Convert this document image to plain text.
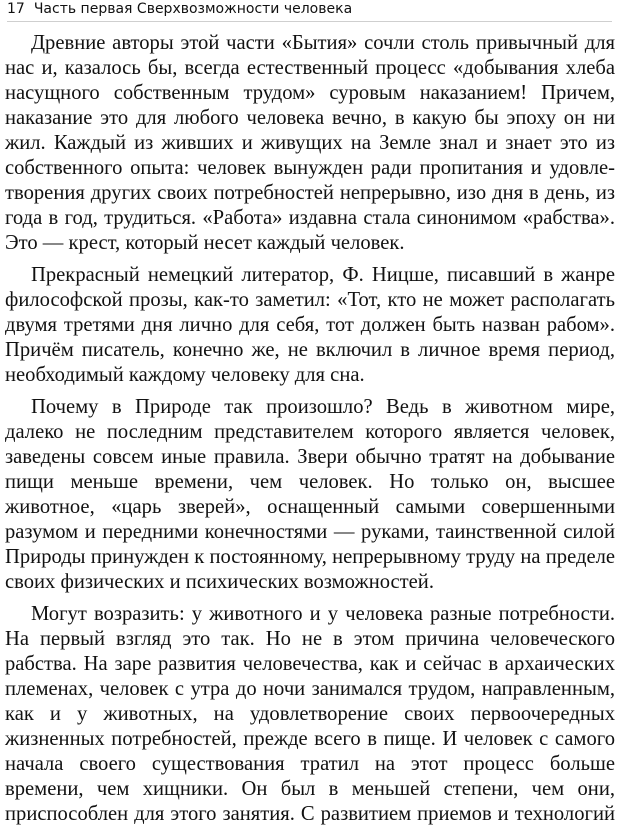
17 Часть первая Сверхвозможности человека
Древние авторы этой части «Бытия» сочли столь привычный для
нас и, казалось бы, всегда естественный процесс «добывания хлеба
насущного собственным трудом» суровым наказанием! Причем,
наказание это для любого человека вечно, в какую бы эпоху он ни
жил. Каждый из живших и живущих на Земле знал и знает это из
собственного опыта: человек вынужден ради пропитания и удовле-
творения других своих потребностей непрерывно, изо дня в день, из
года в год, трудиться. «Работа» издавна стала синонимом «рабства».
Это — крест, который несет каждый человек.
Прекрасный немецкий литератор, Ф. Ницше, писавший в жанре
философской прозы, как-то заметил: «Тот, кто не может располагать
двумя третями дня лично для себя, тот должен быть назван рабом».
Причём писатель, конечно же, не включил в личное время период,
необходимый каждому человеку для сна.
Почему в Природе так произошло? Ведь в животном мире,
далеко не последним представителем которого является человек,
заведены совсем иные правила. Звери обычно тратят на добывание
пищи меньше времени, чем человек. Но только он, высшее
животное, «царь зверей», оснащенный самыми совершенными
разумом и передними конечностями — руками, таинственной силой
Природы принужден к постоянному, непрерывному труду на пределе
своих физических и психических возможностей.
Могут возразить: у животного и у человека разные потребности.
На первый взгляд это так. Но не в этом причина человеческого
рабства. На заре развития человечества, как и сейчас в архаических
племенах, человек с утра до ночи занимался трудом, направленным,
как и у животных, на удовлетворение своих первоочередных
жизненных потребностей, прежде всего в пище. И человек с самого
начала своего существования тратил на этот процесс больше
времени, чем хищники. Он был в меньшей степени, чем они,
приспособлен для этого занятия. С развитием приемов и технологий
